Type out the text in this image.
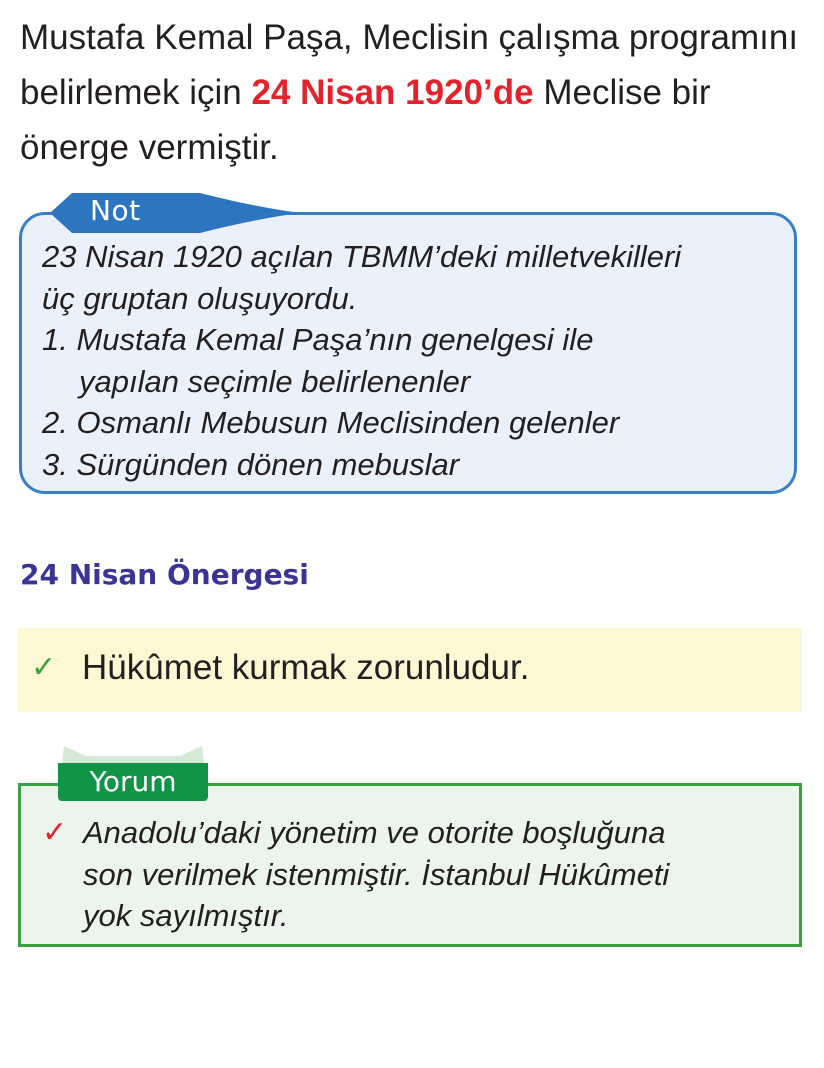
Mustafa Kemal Paşa, Meclisin çalışma programını belirlemek için 24 Nisan 1920’de Meclise bir önerge vermiştir.

Not
23 Nisan 1920 açılan TBMM’deki milletvekilleri
üç gruptan oluşuyordu.
1. Mustafa Kemal Paşa’nın genelgesi ile
yapılan seçimle belirlenenler
2. Osmanlı Mebusun Meclisinden gelenler
3. Sürgünden dönen mebuslar
24 Nisan Önergesi
✓ Hükûmet kurmak zorunludur.
Yorum
✓ Anadolu’daki yönetim ve otorite boşluğuna
son verilmek istenmiştir. İstanbul Hükûmeti
yok sayılmıştır.
